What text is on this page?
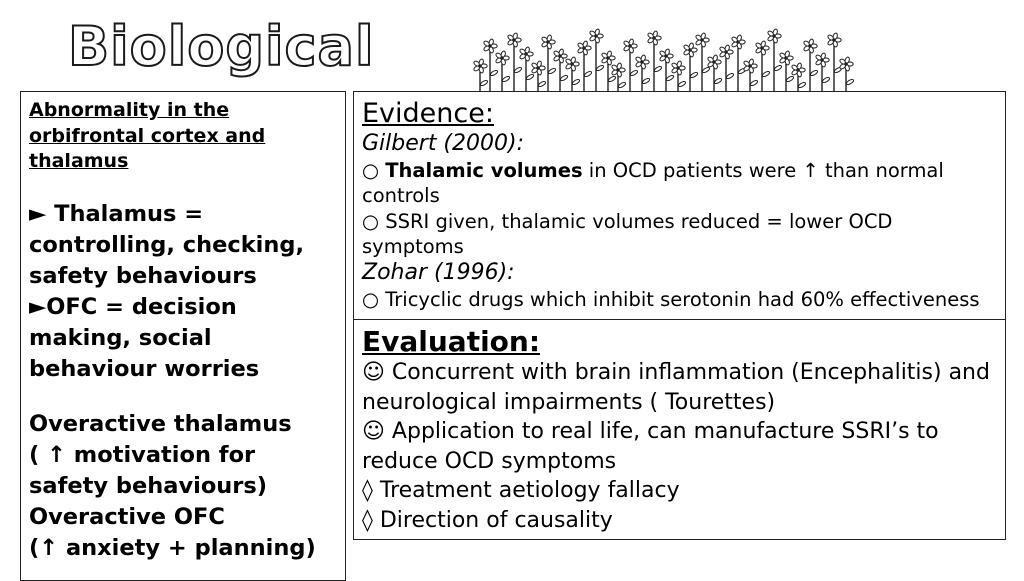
Biological
Abnormality in the orbifrontal cortex and thalamus
► Thalamus = controlling, checking, safety behaviours
►OFC = decision making, social behaviour worries
Overactive thalamus
( ↑ motivation for safety behaviours)
Overactive OFC
(↑ anxiety + planning)
Evidence:
Gilbert (2000):
○ Thalamic volumes in OCD patients were ↑ than normal controls
○ SSRI given, thalamic volumes reduced = lower OCD symptoms
Zohar (1996):
○ Tricyclic drugs which inhibit serotonin had 60% effectiveness
Evaluation:
☺ Concurrent with brain inflammation (Encephalitis) and neurological impairments ( Tourettes)
☺ Application to real life, can manufacture SSRI’s to reduce OCD symptoms
◊ Treatment aetiology fallacy
◊ Direction of causality
